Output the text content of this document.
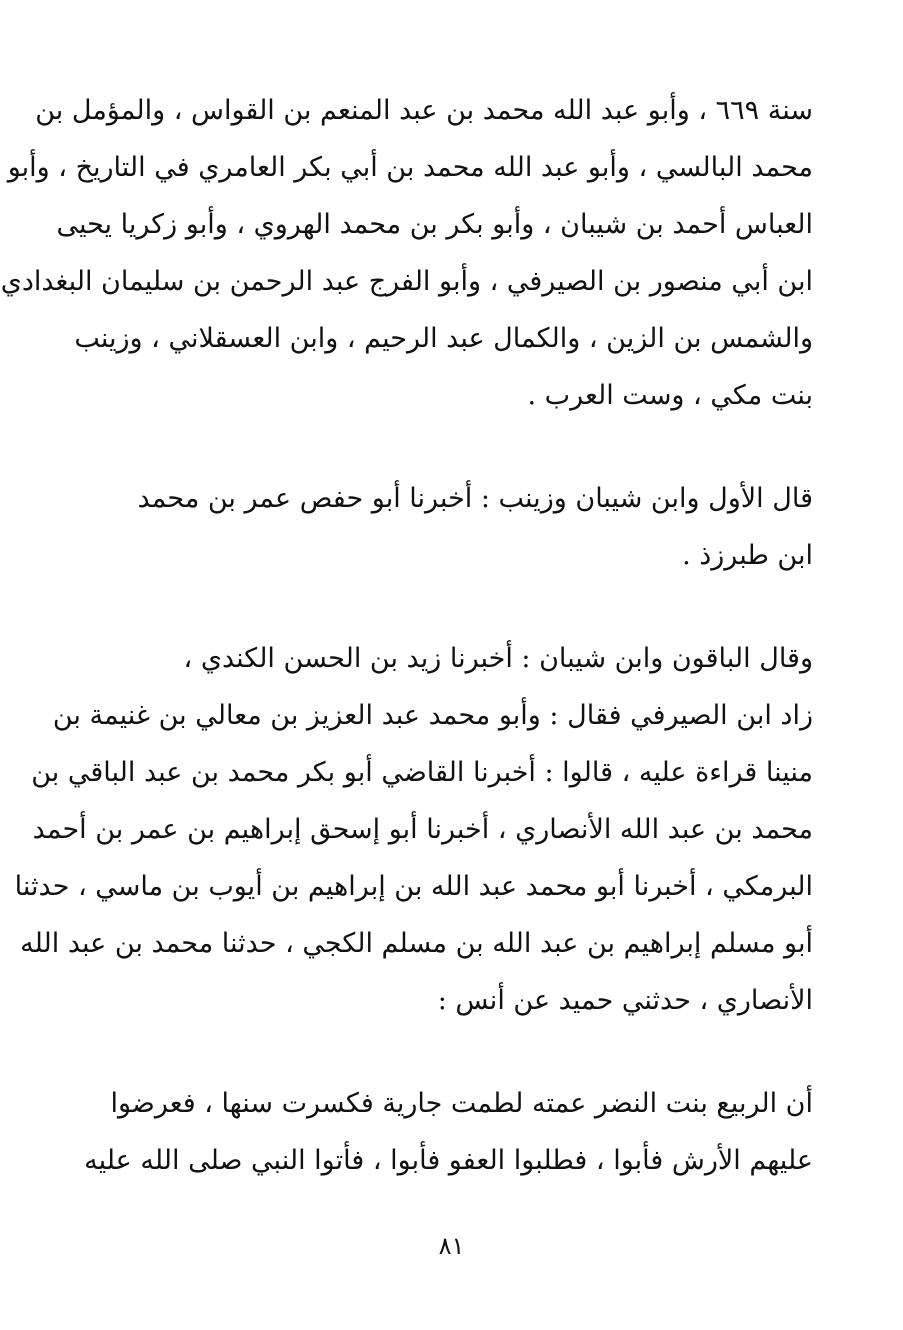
سنة ٦٦٩ ، وأبو عبد الله محمد بن عبد المنعم بن القواس ، والمؤمل بن
محمد البالسي ، وأبو عبد الله محمد بن أبي بكر العامري في التاريخ ، وأبو
العباس أحمد بن شيبان ، وأبو بكر بن محمد الهروي ، وأبو زكريا يحيى
ابن أبي منصور بن الصيرفي ، وأبو الفرج عبد الرحمن بن سليمان البغدادي
والشمس بن الزين ، والكمال عبد الرحيم ، وابن العسقلاني ، وزينب
بنت مكي ، وست العرب .
قال الأول وابن شيبان وزينب : أخبرنا أبو حفص عمر بن محمد
ابن طبرزذ .
وقال الباقون وابن شيبان : أخبرنا زيد بن الحسن الكندي ،
زاد ابن الصيرفي فقال : وأبو محمد عبد العزيز بن معالي بن غنيمة بن
منينا قراءة عليه ، قالوا : أخبرنا القاضي أبو بكر محمد بن عبد الباقي بن
محمد بن عبد الله الأنصاري ، أخبرنا أبو إسحق إبراهيم بن عمر بن أحمد
البرمكي ، أخبرنا أبو محمد عبد الله بن إبراهيم بن أيوب بن ماسي ، حدثنا
أبو مسلم إبراهيم بن عبد الله بن مسلم الكجي ، حدثنا محمد بن عبد الله
الأنصاري ، حدثني حميد عن أنس :
أن الربيع بنت النضر عمته لطمت جارية فكسرت سنها ، فعرضوا
عليهم الأرش فأبوا ، فطلبوا العفو فأبوا ، فأتوا النبي صلى الله عليه
٨١
